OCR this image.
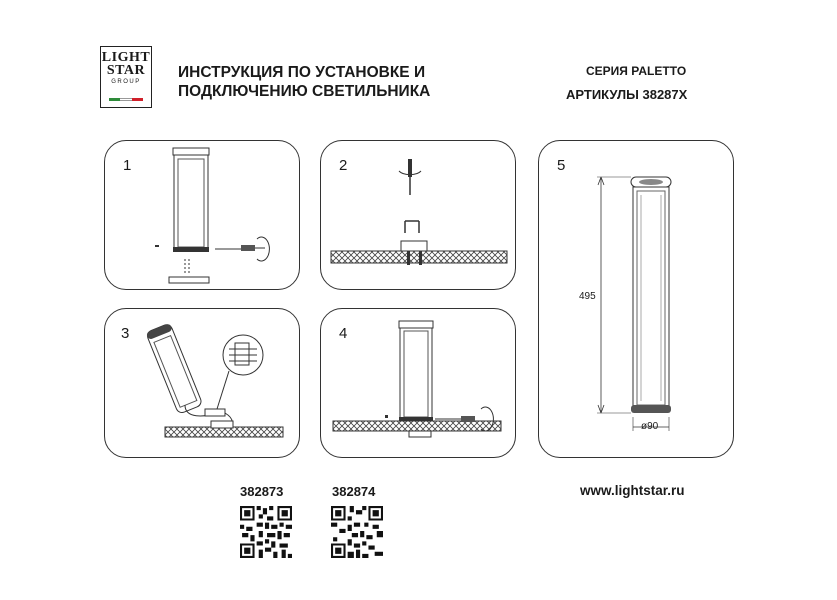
LIGHT
STAR
GROUP
ИНСТРУКЦИЯ ПО УСТАНОВКЕ И
ПОДКЛЮЧЕНИЮ СВЕТИЛЬНИКА
СЕРИЯ PALETTO
АРТИКУЛЫ 38287X
1	2
3	4
5
495
ø90
382873	382874	www.lightstar.ru
